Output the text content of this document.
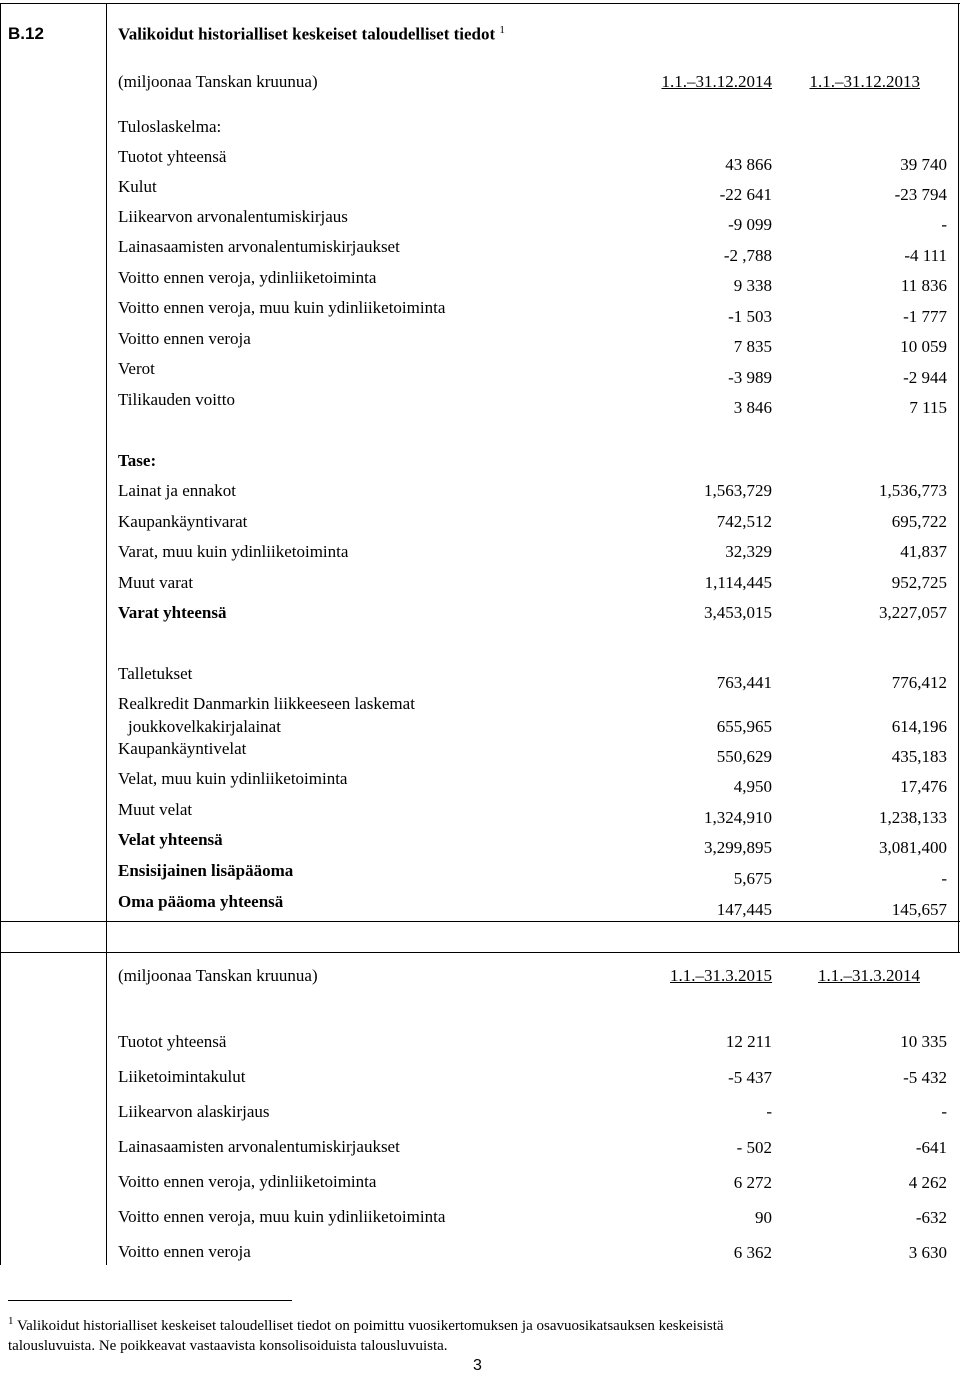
B.12	Valikoidut historialliset keskeiset taloudelliset tiedot $^1$
(miljoonaa Tanskan kruunua)	1.1.–31.12.2014 1.1.–31.12.2013
Tuloslaskelma:
Tuotot yhteensä	43 866	39 740
Kulut	-22 641	-23 794
Liikearvon arvonalentumiskirjaus	-9 099	-
Lainasaamisten arvonalentumiskirjaukset	-2 ,788	-4 111
Voitto ennen veroja, ydinliiketoiminta	9 338	11 836
Voitto ennen veroja, muu kuin ydinliiketoiminta	-1 503	-1 777
Voitto ennen veroja	7 835	10 059
Verot	-3 989	-2 944
Tilikauden voitto	3 846	7 115
Tase:
Lainat ja ennakot	1,563,729	1,536,773
Kaupankäyntivarat	742,512	695,722
Varat, muu kuin ydinliiketoiminta	32,329	41,837
Muut varat	1,114,445	952,725
Varat yhteensä	3,453,015	3,227,057
Talletukset	763,441	776,412
Realkredit Danmarkin liikkeeseen laskemat
joukkovelkakirjalainat	655,965	614,196
Kaupankäyntivelat	550,629	435,183
Velat, muu kuin ydinliiketoiminta	4,950	17,476
Muut velat	1,324,910	1,238,133
Velat yhteensä	3,299,895	3,081,400
Ensisijainen lisäpääoma	5,675	-
Oma pääoma yhteensä	147,445	145,657
(miljoonaa Tanskan kruunua)	1.1.–31.3.2015	1.1.–31.3.2014
Tuotot yhteensä	12 211	10 335
Liiketoimintakulut	-5 437	-5 432
Liikearvon alaskirjaus	-	-
Lainasaamisten arvonalentumiskirjaukset	- 502	-641
Voitto ennen veroja, ydinliiketoiminta	6 272	4 262
Voitto ennen veroja, muu kuin ydinliiketoiminta	90	-632
Voitto ennen veroja	6 362	3 630
$^1$ Valikoidut historialliset keskeiset taloudelliset tiedot on poimittu vuosikertomuksen ja osavuosikatsauksen keskeisistä
talousluvuista. Ne poikkeavat vastaavista konsolisoiduista talousluvuista.
3
